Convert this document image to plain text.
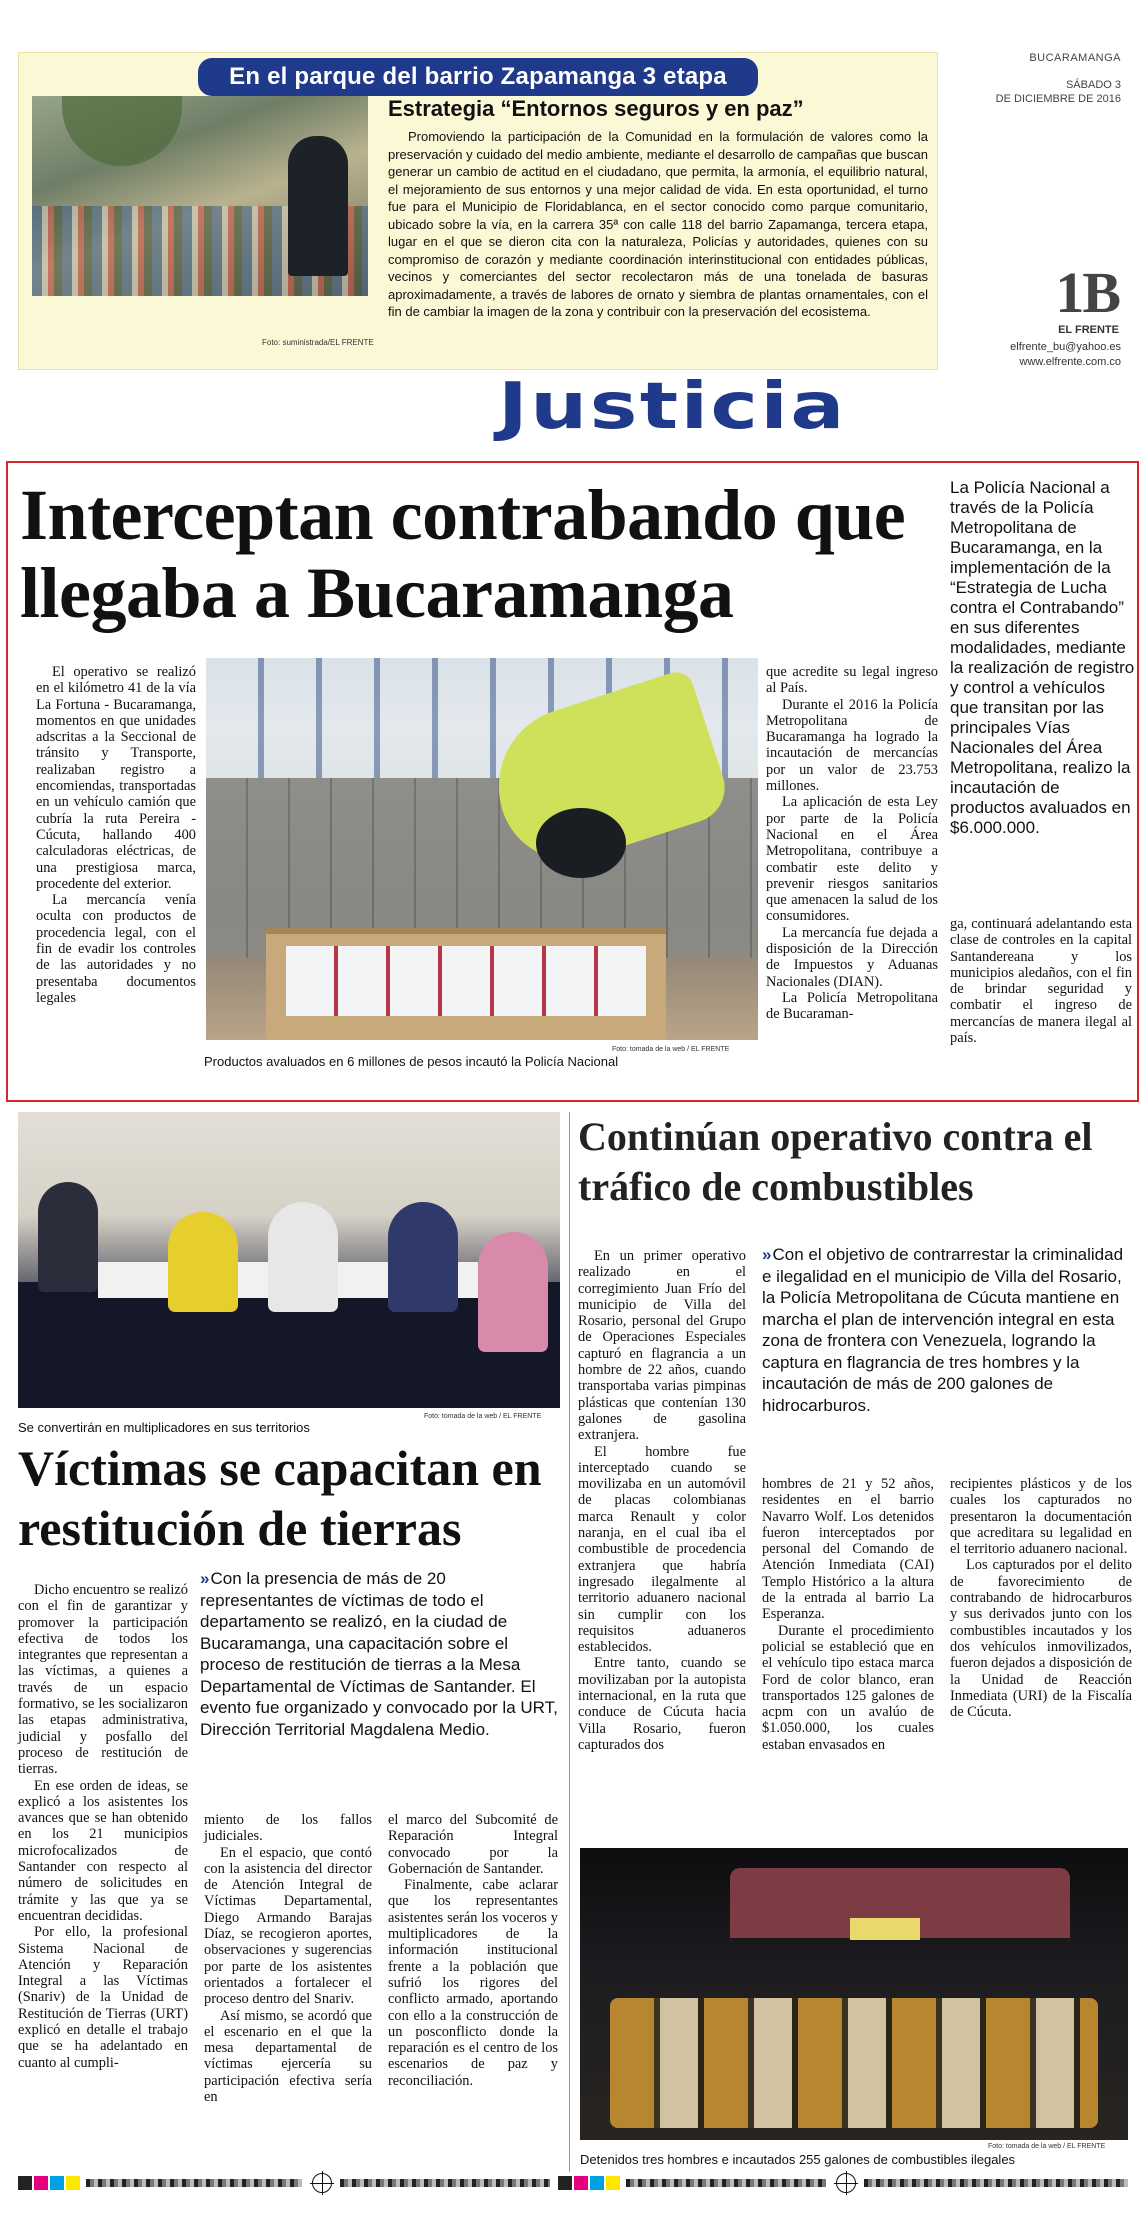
En el parque del barrio Zapamanga 3 etapa
Foto: suministrada/EL FRENTE
Estrategia “Entornos seguros y en paz”
Promoviendo la participación de la Comunidad en la formulación de valores como la preservación y cuidado del medio ambiente, mediante el desarrollo de campañas que buscan generar un cambio de actitud en el ciudadano, que permita, la armonía, el equilibrio natural, el mejoramiento de sus entornos y una mejor calidad de vida. En esta oportunidad, el turno fue para el Municipio de Floridablanca, en el sector conocido como parque comunitario, ubicado sobre la vía, en la carrera 35ª con calle 118 del barrio Zapamanga, tercera etapa, lugar en el que se dieron cita con la naturaleza, Policías y autoridades, quienes con su compromiso de corazón y mediante coordinación interinstitucional con entidades públicas, vecinos y comerciantes del sector recolectaron más de una tonelada de basuras aproximadamente, a través de labores de ornato y siembra de plantas ornamentales, con el fin de cambiar la imagen de la zona y contribuir con la preservación del ecosistema.
BUCARAMANGA
SÁBADO 3
DE DICIEMBRE DE 2016
1B
EL FRENTE
elfrente_bu@yahoo.es
www.elfrente.com.co
Justicia
Interceptan contrabando que llegaba a Bucaramanga
La Policía Nacional a través de la Policía Metropolitana de Bucaramanga, en la implementación de la “Estrategia de Lucha contra el Contrabando” en sus diferentes modalidades, mediante la realización de registro y control a vehículos que transitan por las principales Vías Nacionales del Área Metropolitana, realizo la incautación de productos avaluados en $6.000.000.

El operativo se realizó en el kilómetro 41 de la vía La Fortuna - Bucaramanga, momentos en que unidades adscritas a la Seccional de tránsito y Transporte, realizaban registro a encomiendas, transportadas en un vehículo camión que cubría la ruta Pereira - Cúcuta, hallando 400 calculadoras eléctricas, de una prestigiosa marca, procedente del exterior.

La mercancía venía oculta con productos de procedencia legal, con el fin de evadir los controles de las autoridades y no presentaba documentos legales

Foto: tomada de la web / EL FRENTE
Productos avaluados en 6 millones de pesos incautó la Policía Nacional

que acredite su legal ingreso al País.

Durante el 2016 la Policía Metropolitana de Bucaramanga ha logrado la incautación de mercancías por un valor de 23.753 millones.

La aplicación de esta Ley por parte de la Policía Nacional en el Área Metropolitana, contribuye a combatir este delito y prevenir riesgos sanitarios que amenacen la salud de los consumidores.

La mercancía fue dejada a disposición de la Dirección de Impuestos y Aduanas Nacionales (DIAN).

La Policía Metropolitana de Bucaraman-

ga, continuará adelantando esta clase de controles en la capital Santandereana y los municipios aledaños, con el fin de brindar seguridad y combatir el ingreso de mercancías de manera ilegal al país.

Foto: tomada de la web / EL FRENTE
Se convertirán en multiplicadores en sus territorios
Víctimas se capacitan en restitución de tierras

Dicho encuentro se realizó con el fin de garantizar y promover la participación efectiva de todos los integrantes que representan a las víctimas, a quienes a través de un espacio formativo, se les socializaron las etapas administrativa, judicial y posfallo del proceso de restitución de tierras.

En ese orden de ideas, se explicó a los asistentes los avances que se han obtenido en los 21 municipios microfocalizados de Santander con respecto al número de solicitudes en trámite y las que ya se encuentran decididas.

Por ello, la profesional Sistema Nacional de Atención y Reparación Integral a las Víctimas (Snariv) de la Unidad de Restitución de Tierras (URT) explicó en detalle el trabajo que se ha adelantado en cuanto al cumpli-

» Con la presencia de más de 20 representantes de víctimas de todo el departamento se realizó, en la ciudad de Bucaramanga, una capacitación sobre el proceso de restitución de tierras a la Mesa Departamental de Víctimas de Santander. El evento fue organizado y convocado por la URT, Dirección Territorial Magdalena Medio.

miento de los fallos judiciales.

En el espacio, que contó con la asistencia del director de Atención Integral de Víctimas Departamental, Diego Armando Barajas Díaz, se recogieron aportes, observaciones y sugerencias por parte de los asistentes orientados a fortalecer el proceso dentro del Snariv.

Así mismo, se acordó que el escenario en el que la mesa departamental de víctimas ejercería su participación efectiva sería en

el marco del Subcomité de Reparación Integral convocado por la Gobernación de Santander.

Finalmente, cabe aclarar que los representantes asistentes serán los voceros y multiplicadores de la información institucional frente a la población que sufrió los rigores del conflicto armado, aportando con ello a la construcción de un posconflicto donde la reparación es el centro de los escenarios de paz y reconciliación.

Continúan operativo contra el tráfico de combustibles

En un primer operativo realizado en el corregimiento Juan Frío del municipio de Villa del Rosario, personal del Grupo de Operaciones Especiales capturó en flagrancia a un hombre de 22 años, cuando transportaba varias pimpinas plásticas que contenían 130 galones de gasolina extranjera.

El hombre fue interceptado cuando se movilizaba en un automóvil de placas colombianas marca Renault y color naranja, en el cual iba el combustible de procedencia extranjera que habría ingresado ilegalmente al territorio aduanero nacional sin cumplir con los requisitos aduaneros establecidos.

Entre tanto, cuando se movilizaban por la autopista internacional, en la ruta que conduce de Cúcuta hacia Villa Rosario, fueron capturados dos

» Con el objetivo de contrarrestar la criminalidad e ilegalidad en el municipio de Villa del Rosario, la Policía Metropolitana de Cúcuta mantiene en marcha el plan de intervención integral en esta zona de frontera con Venezuela, logrando la captura en flagrancia de tres hombres y la incautación de más de 200 galones de hidrocarburos.

hombres de 21 y 52 años, residentes en el barrio Navarro Wolf. Los detenidos fueron interceptados por personal del Comando de Atención Inmediata (CAI) Templo Histórico a la altura de la entrada al barrio La Esperanza.

Durante el procedimiento policial se estableció que en el vehículo tipo estaca marca Ford de color blanco, eran transportados 125 galones de acpm con un avalúo de $1.050.000, los cuales estaban envasados en

recipientes plásticos y de los cuales los capturados no presentaron la documentación que acreditara su legalidad en el territorio aduanero nacional.

Los capturados por el delito de favorecimiento de contrabando de hidrocarburos y sus derivados junto con los combustibles incautados y los dos vehículos inmovilizados, fueron dejados a disposición de la Unidad de Reacción Inmediata (URI) de la Fiscalía de Cúcuta.

Foto: tomada de la web / EL FRENTE
Detenidos tres hombres e incautados 255 galones de combustibles ilegales
